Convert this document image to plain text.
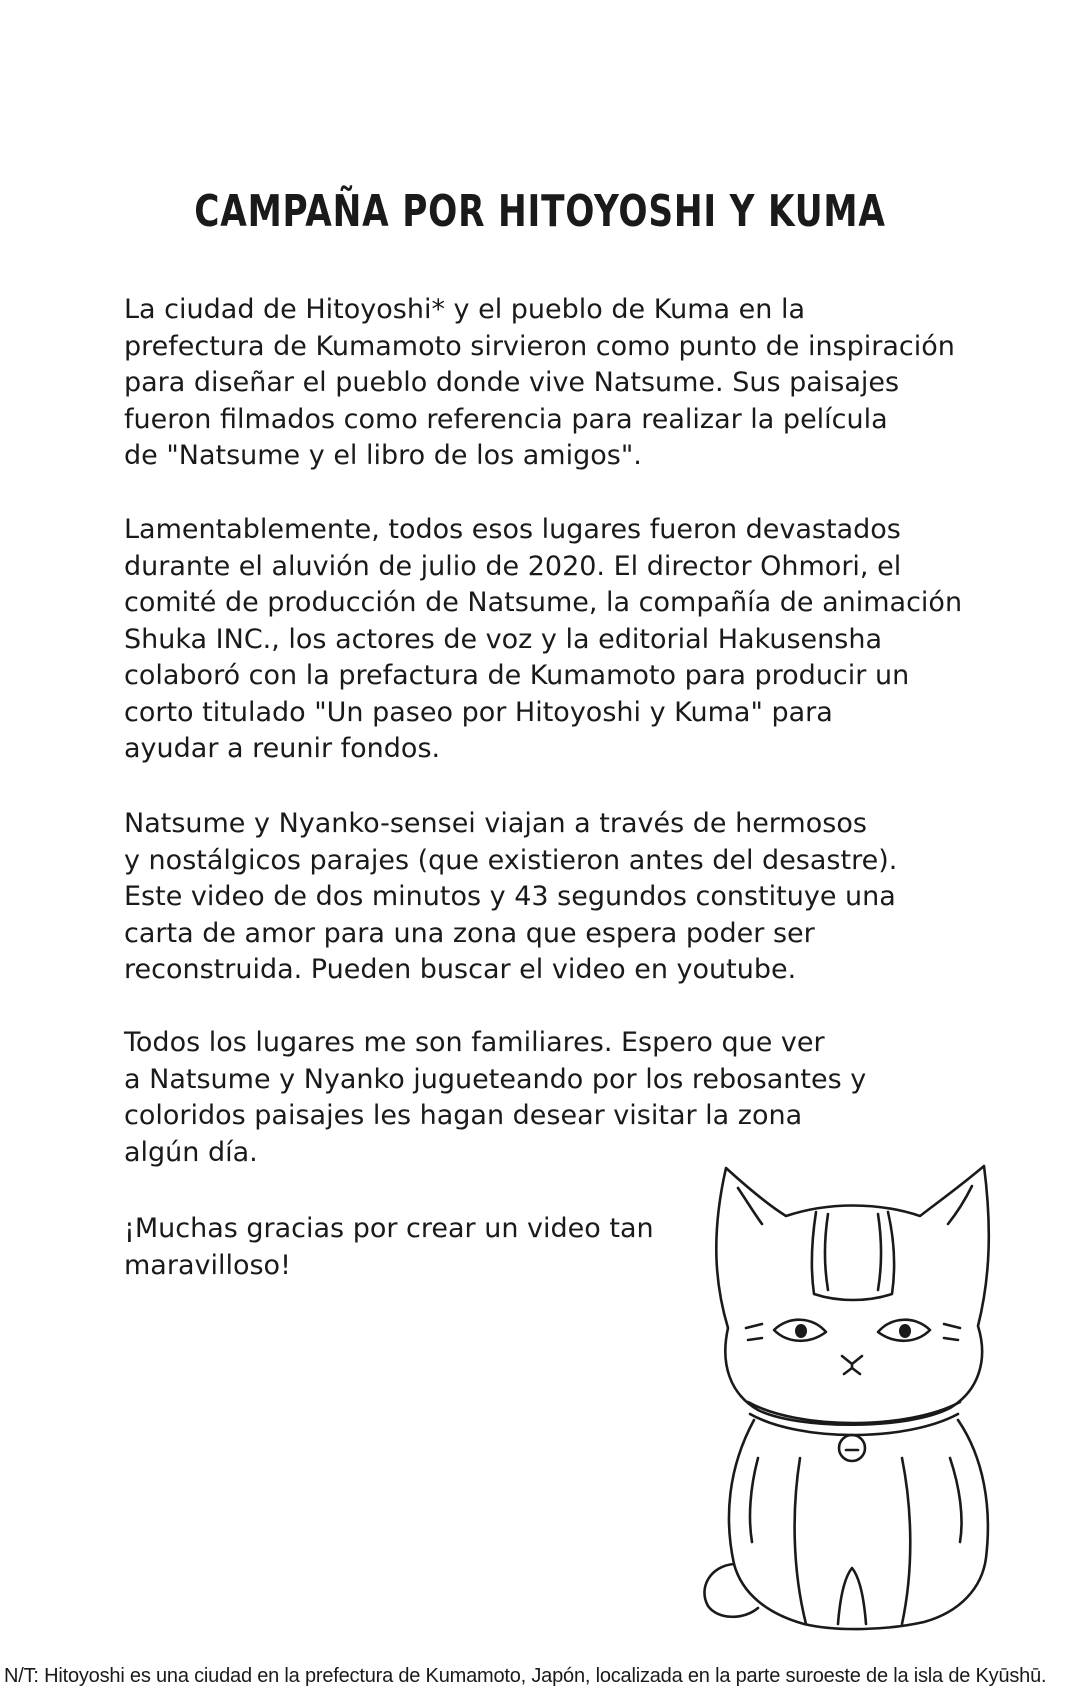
CAMPAÑA POR HITOYOSHI Y KUMA
La ciudad de Hitoyoshi* y el pueblo de Kuma en la
prefectura de Kumamoto sirvieron como punto de inspiración
para diseñar el pueblo donde vive Natsume. Sus paisajes
fueron filmados como referencia para realizar la película
de "Natsume y el libro de los amigos".
Lamentablemente, todos esos lugares fueron devastados
durante el aluvión de julio de 2020. El director Ohmori, el
comité de producción de Natsume, la compañía de animación
Shuka INC., los actores de voz y la editorial Hakusensha
colaboró con la prefactura de Kumamoto para producir un
corto titulado "Un paseo por Hitoyoshi y Kuma" para
ayudar a reunir fondos.
Natsume y Nyanko-sensei viajan a través de hermosos
y nostálgicos parajes (que existieron antes del desastre).
Este video de dos minutos y 43 segundos constituye una
carta de amor para una zona que espera poder ser
reconstruida. Pueden buscar el video en youtube.
Todos los lugares me son familiares. Espero que ver
a Natsume y Nyanko jugueteando por los rebosantes y
coloridos paisajes les hagan desear visitar la zona
algún día.
¡Muchas gracias por crear un video tan
maravilloso!

N/T: Hitoyoshi es una ciudad en la prefectura de Kumamoto, Japón, localizada en la parte suroeste de la isla de Kyūshū.
